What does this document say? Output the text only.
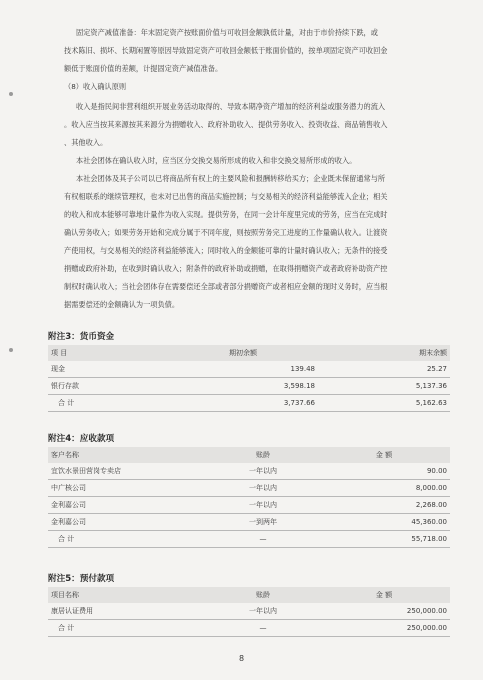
固定资产减值准备：年末固定资产按账面价值与可收回金额孰低计量，对由于市价持续下跌，或
技术陈旧、损坏、长期闲置等原因导致固定资产可收回金额低于账面价值的，按单项固定资产可收回金
额低于账面价值的差额，计提固定资产减值准备。

（8）收入确认原则

收入是指民间非营利组织开展业务活动取得的、导致本期净资产增加的经济利益或服务潜力的流入
。收入应当按其来源按其来源分为捐赠收入、政府补助收入、提供劳务收入、投资收益、商品销售收入
、其他收入。
本社会团体在确认收入时，应当区分交换交易所形成的收入和非交换交易所形成的收入。
本社会团体及其子公司以已将商品所有权上的主要风险和报酬转移给买方；企业既未保留通常与所
有权相联系的继续管理权，也未对已出售的商品实施控制；与交易相关的经济利益能够流入企业；相关
的收入和成本能够可靠地计量作为收入实现。提供劳务，在同一会计年度里完成的劳务，应当在完成时
确认劳务收入；如果劳务开始和完成分属于不同年度，则按照劳务完工进度的工作量确认收入。让渡资
产使用权，与交易相关的经济利益能够流入；同时收入的金额能可靠的计量时确认收入；无条件的接受
捐赠或政府补助，在收到时确认收入；附条件的政府补助或捐赠，在取得捐赠资产或者政府补助资产控
制权时确认收入；当社会团体存在需要偿还全部或者部分捐赠资产或者相应金额的现时义务时，应当根
据需要偿还的金额确认为一项负债。
附注3：货币资金
项 目	期初余额	期末余额
现金	139.48	25.27
银行存款	3,598.18	5,137.36
合 计	3,737.66	5,162.63
附注4：应收款项
客户名称	账龄	金 额
宜饮水景田营岗专卖店	一年以内	90.00
中广核公司	一年以内	8,000.00
金利嘉公司	一年以内	2,268.00
金利嘉公司	一到两年	45,360.00
合 计	—	55,718.00
附注5：预付款项
项目名称	账龄	金 额
康居认证费用	一年以内	250,000.00
合 计	—	250,000.00
8
